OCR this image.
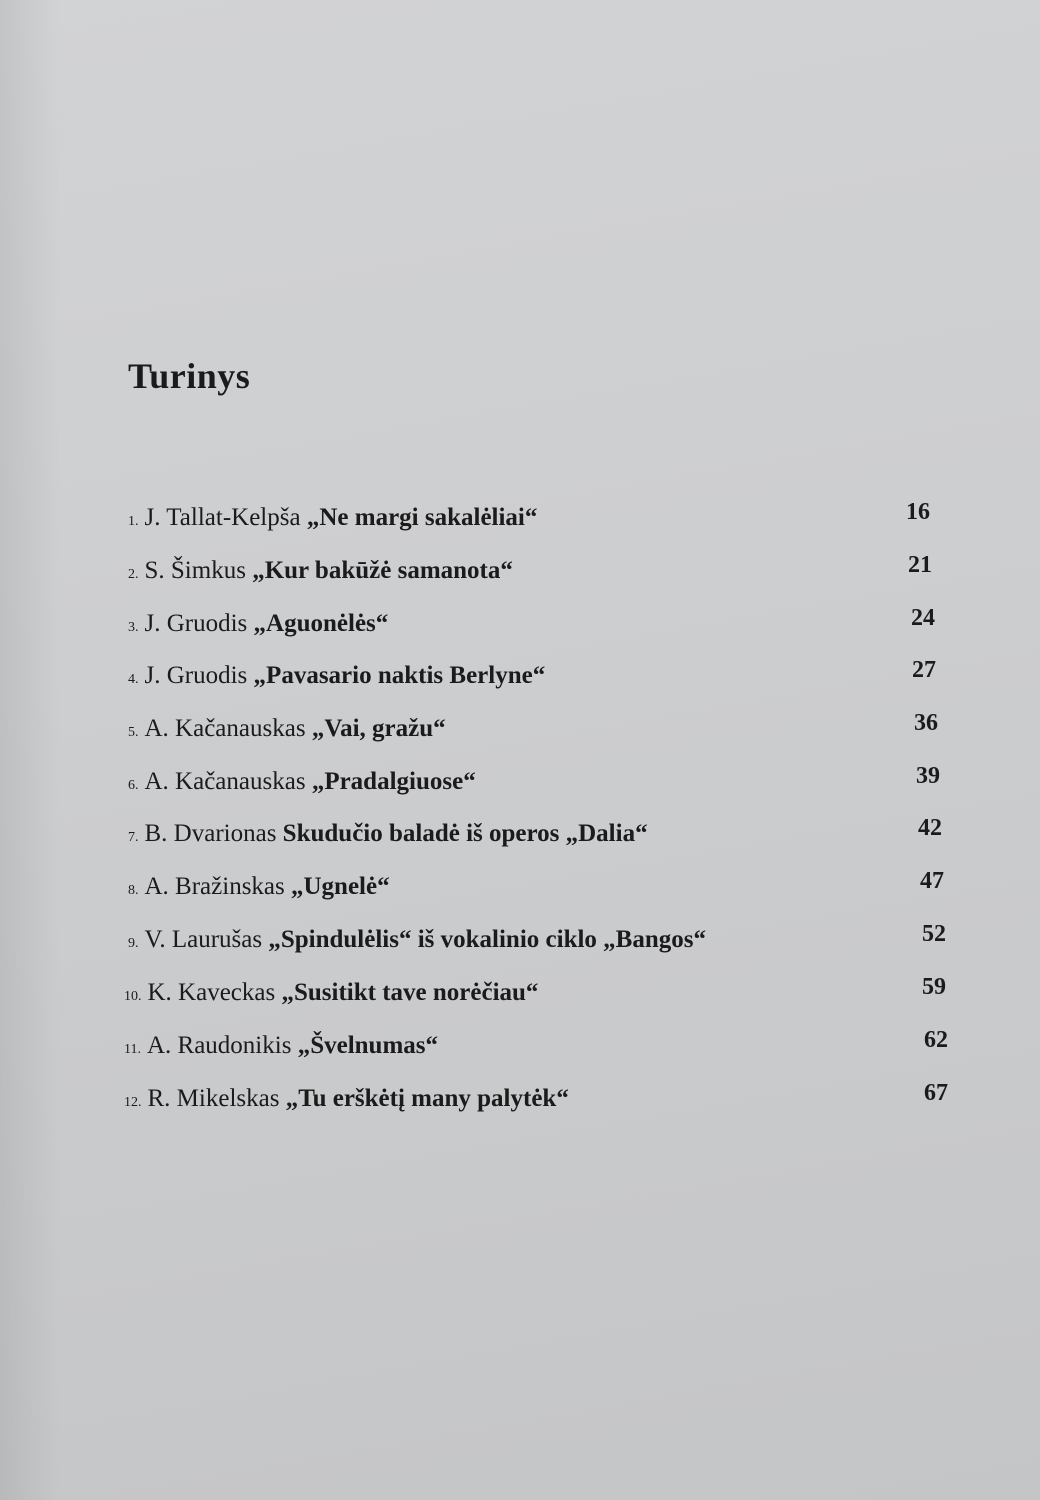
Turinys
1. J. Tallat-Kelpša „Ne margi sakalėliai“	16
2. S. Šimkus „Kur bakūžė samanota“	21
3. J. Gruodis „Aguonėlės“	24
4. J. Gruodis „Pavasario naktis Berlyne“	27
5. A. Kačanauskas „Vai, gražu“	36
6. A. Kačanauskas „Pradalgiuose“	39
7. B. Dvarionas Skudučio baladė iš operos „Dalia“	42
8. A. Bražinskas „Ugnelė“	47
9. V. Laurušas „Spindulėlis“ iš vokalinio ciklo „Bangos“	52
10. K. Kaveckas „Susitikt tave norėčiau“	59
11. A. Raudonikis „Švelnumas“	62
12. R. Mikelskas „Tu erškėtį many palytėk“	67
